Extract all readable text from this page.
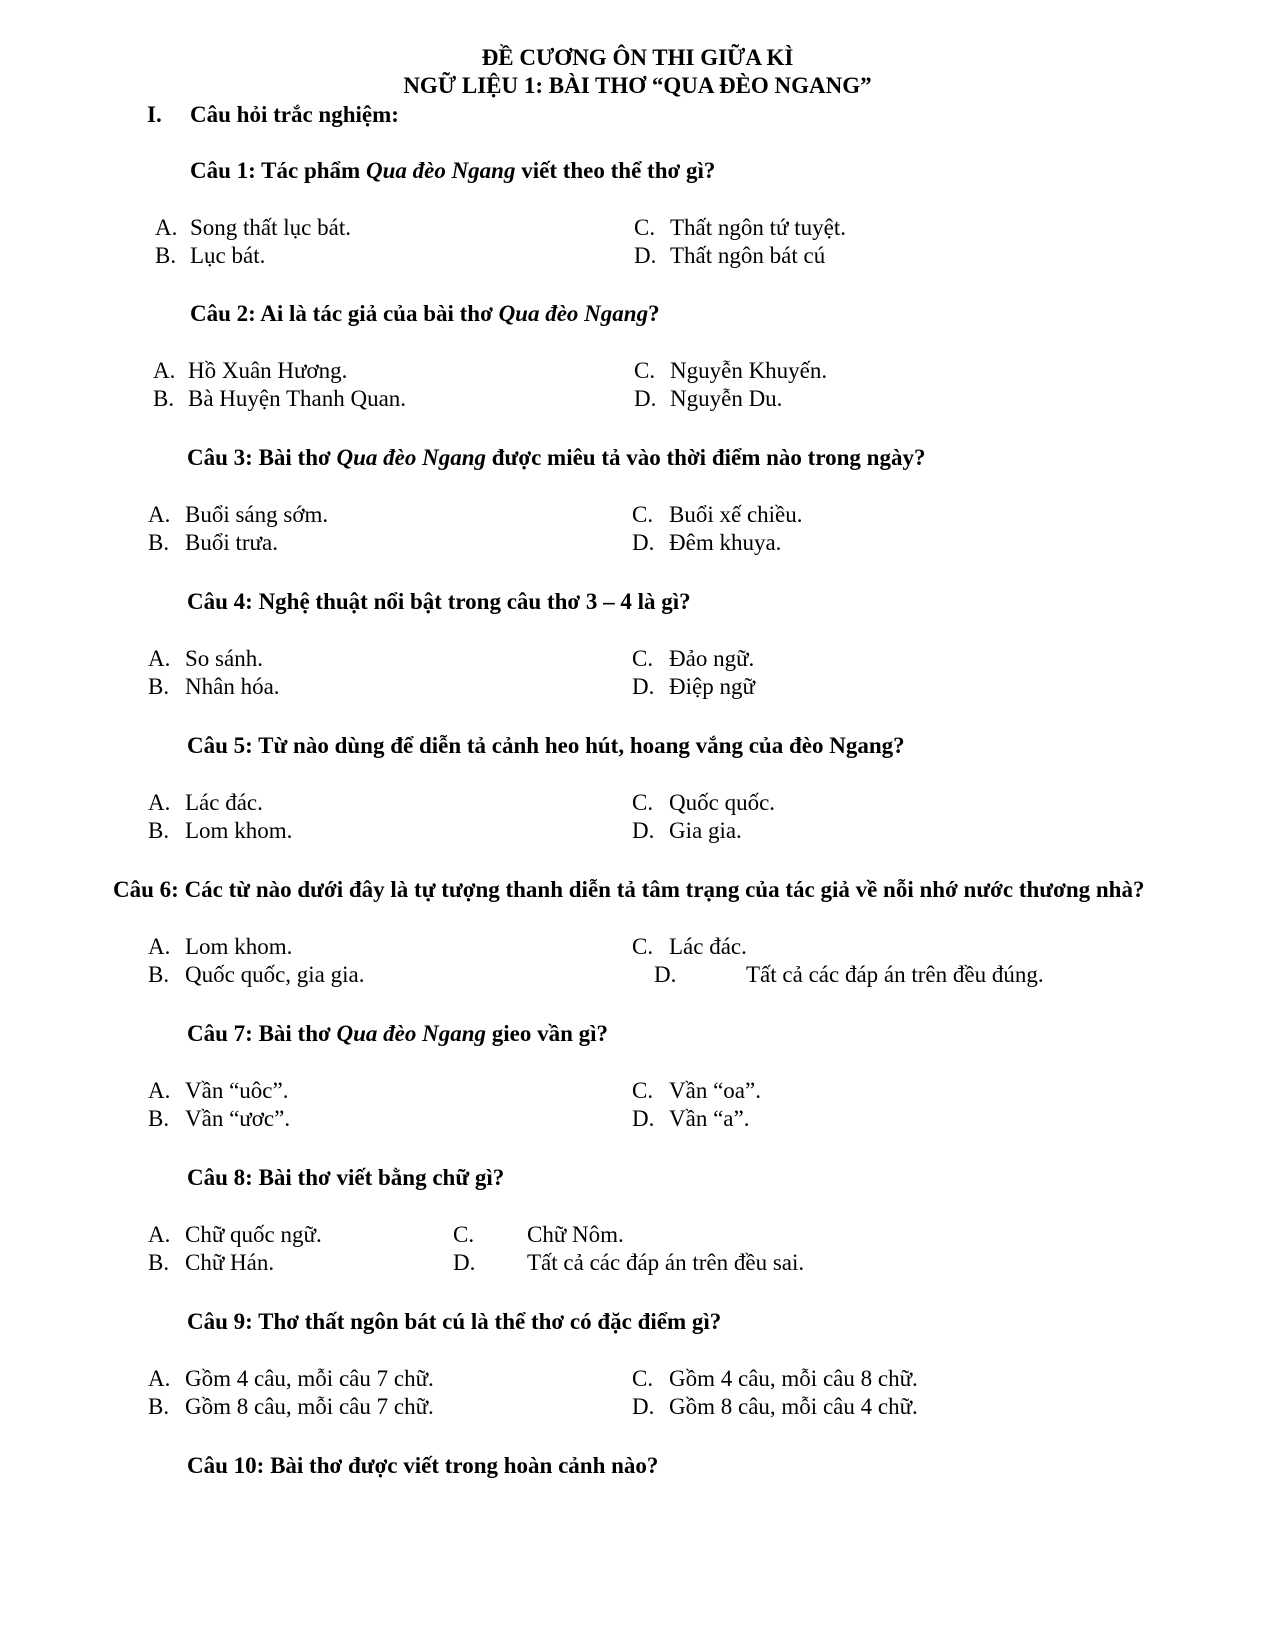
ĐỀ CƯƠNG ÔN THI GIỮA KÌ
NGỮ LIỆU 1: BÀI THƠ “QUA ĐÈO NGANG”
I. Câu hỏi trắc nghiệm:
Câu 1: Tác phẩm Qua đèo Ngang viết theo thể thơ gì?
A. Song thất lục bát.
B. Lục bát.
C. Thất ngôn tứ tuyệt.
D. Thất ngôn bát cú
Câu 2: Ai là tác giả của bài thơ Qua đèo Ngang?
A. Hồ Xuân Hương.
B. Bà Huyện Thanh Quan.
C. Nguyễn Khuyến.
D. Nguyễn Du.
Câu 3: Bài thơ Qua đèo Ngang được miêu tả vào thời điểm nào trong ngày?
A. Buổi sáng sớm.
B. Buổi trưa.
C. Buổi xế chiều.
D. Đêm khuya.
Câu 4: Nghệ thuật nổi bật trong câu thơ 3 – 4 là gì?
A. So sánh.
B. Nhân hóa.
C. Đảo ngữ.
D. Điệp ngữ
Câu 5: Từ nào dùng để diễn tả cảnh heo hút, hoang vắng của đèo Ngang?
A. Lác đác.
B. Lom khom.
C. Quốc quốc.
D. Gia gia.
Câu 6: Các từ nào dưới đây là tự tượng thanh diễn tả tâm trạng của tác giả về nỗi nhớ nước thương nhà?
A. Lom khom.
B. Quốc quốc, gia gia.
C. Lác đác.
D.	Tất cả các đáp án trên đều đúng.
Câu 7: Bài thơ Qua đèo Ngang gieo vần gì?
A. Vần “uôc”.
B. Vần “ươc”.
C. Vần “oa”.
D. Vần “a”.
Câu 8: Bài thơ viết bằng chữ gì?
A. Chữ quốc ngữ.
B. Chữ Hán.
C. Chữ Nôm.
D. Tất cả các đáp án trên đều sai.
Câu 9: Thơ thất ngôn bát cú là thể thơ có đặc điểm gì?
A. Gồm 4 câu, mỗi câu 7 chữ.
B. Gồm 8 câu, mỗi câu 7 chữ.
C. Gồm 4 câu, mỗi câu 8 chữ.
D. Gồm 8 câu, mỗi câu 4 chữ.
Câu 10: Bài thơ được viết trong hoàn cảnh nào?
